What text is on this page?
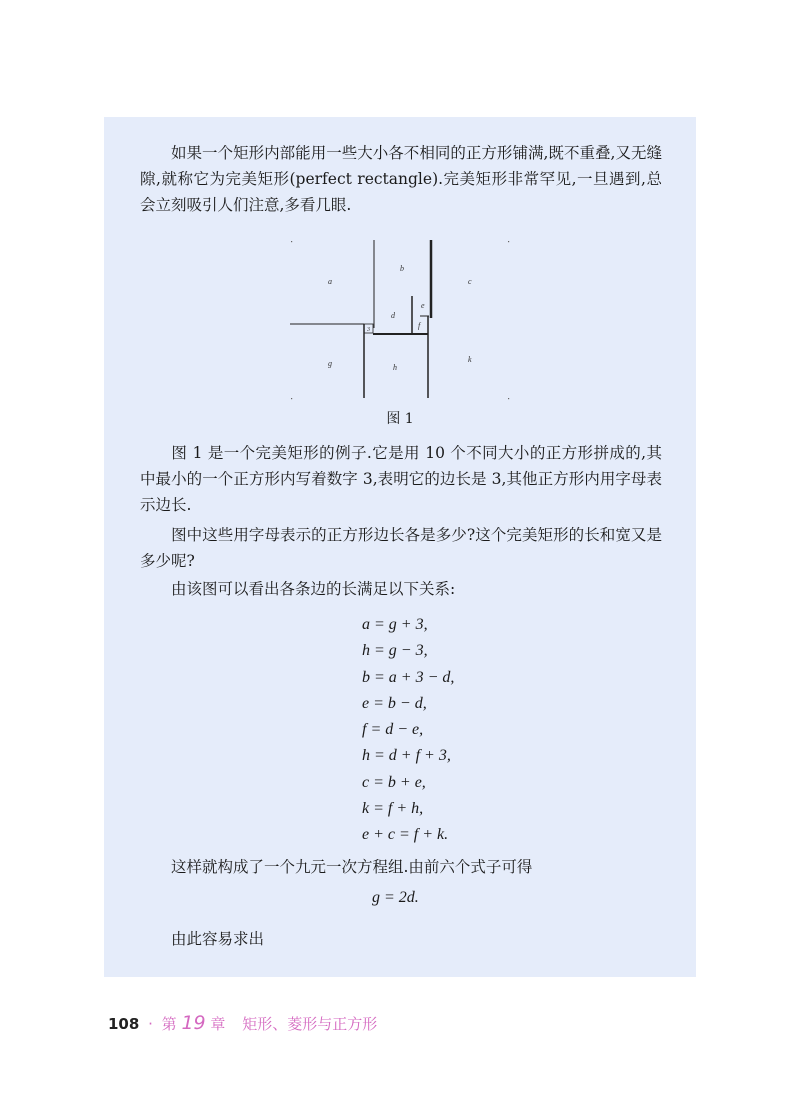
如果一个矩形内部能用一些大小各不相同的正方形铺满,既不重叠,又无缝隙,就称它为完美矩形(perfect rectangle).完美矩形非常罕见,一旦遇到,总会立刻吸引人们注意,多看几眼.

a
b
e
d
f
3
c
g	h
k

图 1

图 1 是一个完美矩形的例子.它是用 10 个不同大小的正方形拼成的,其中最小的一个正方形内写着数字 3,表明它的边长是 3,其他正方形内用字母表示边长.

图中这些用字母表示的正方形边长各是多少?这个完美矩形的长和宽又是多少呢?

由该图可以看出各条边的长满足以下关系:

a = g + 3,
h = g − 3,
b = a + 3 − d,
e = b − d,
f = d − e,
h = d + f + 3,
c = b + e,
k = f + h,
e + c = f + k.

这样就构成了一个九元一次方程组.由前六个式子可得

g = 2d.

由此容易求出

108 · 第 19 章 矩形、菱形与正方形
